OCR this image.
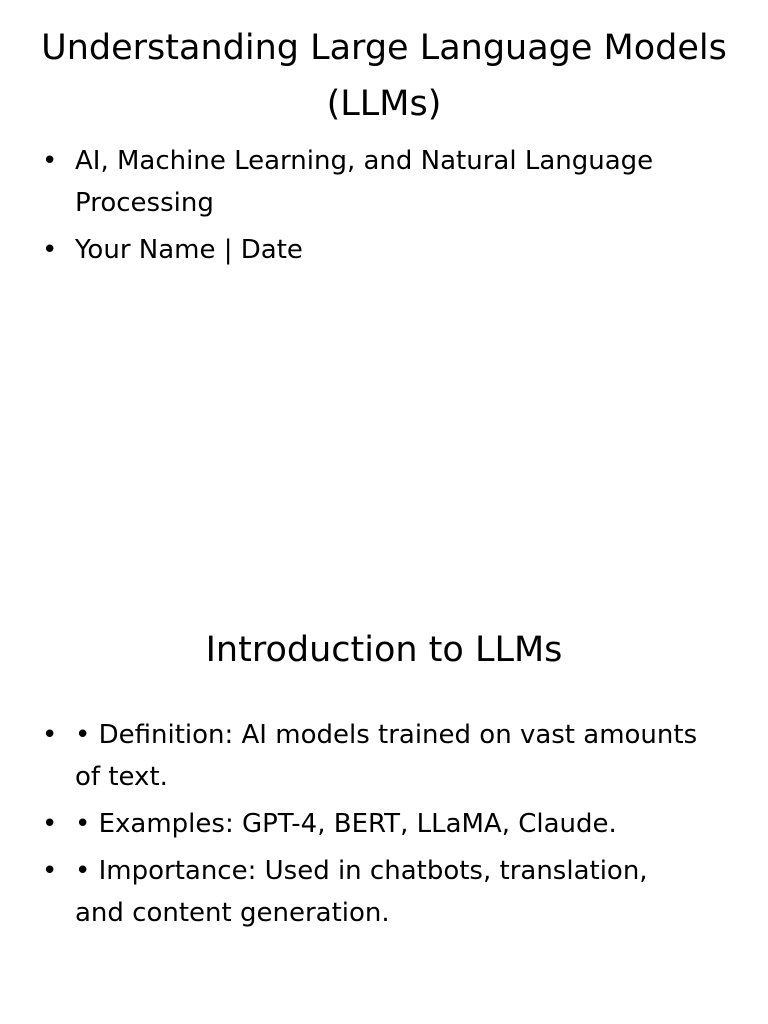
Understanding Large Language Models (LLMs)
• AI, Machine Learning, and Natural Language Processing
• Your Name | Date
Introduction to LLMs
• • Definition: AI models trained on vast amounts of text.
• • Examples: GPT-4, BERT, LLaMA, Claude.
• • Importance: Used in chatbots, translation, and content generation.
